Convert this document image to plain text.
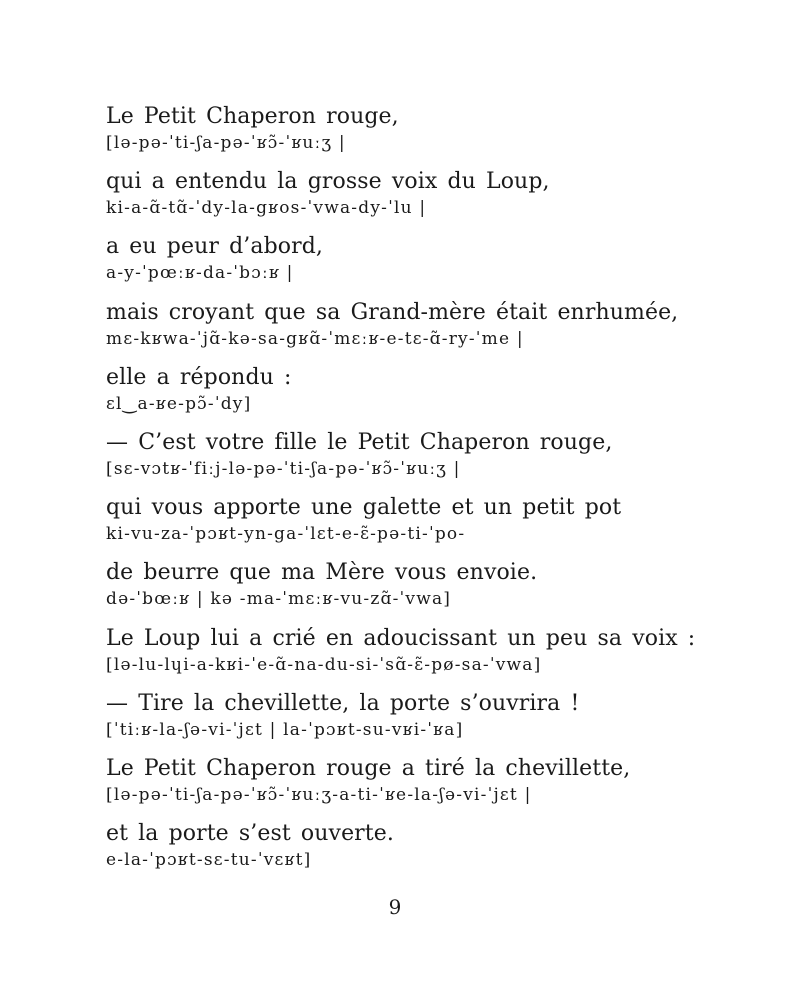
Le Petit Chaperon rouge,
[lə-pə-ˈti-ʃa-pə-ˈʁɔ̃-ˈʁuːʒ |
qui a entendu la grosse voix du Loup,
ki-a-ɑ̃-tɑ̃-ˈdy-la-gʁos-ˈvwa-dy-ˈlu |
a eu peur d’abord,
a-y-ˈpœːʁ-da-ˈbɔːʁ |
mais croyant que sa Grand-mère était enrhumée,
mɛ-kʁwa-ˈjɑ̃-kə-sa-gʁɑ̃-ˈmɛːʁ-e-tɛ-ɑ̃-ry-ˈme |
elle a répondu :
ɛl‿a-ʁe-pɔ̃-ˈdy]
— C’est votre fille le Petit Chaperon rouge,
[sɛ-vɔtʁ-ˈfiːj-lə-pə-ˈti-ʃa-pə-ˈʁɔ̃-ˈʁuːʒ |
qui vous apporte une galette et un petit pot
ki-vu-za-ˈpɔʁt-yn-ga-ˈlɛt-e-ɛ̃-pə-ti-ˈpo-
de beurre que ma Mère vous envoie.
də-ˈbœːʁ | kə -ma-ˈmɛːʁ-vu-zɑ̃-ˈvwa]
Le Loup lui a crié en adoucissant un peu sa voix :
[lə-lu-lɥi-a-kʁi-ˈe-ɑ̃-na-du-si-ˈsɑ̃-ɛ̃-pø-sa-ˈvwa]
— Tire la chevillette, la porte s’ouvrira !
[ˈtiːʁ-la-ʃə-vi-ˈjɛt | la-ˈpɔʁt-su-vʁi-ˈʁa]
Le Petit Chaperon rouge a tiré la chevillette,
[lə-pə-ˈti-ʃa-pə-ˈʁɔ̃-ˈʁuːʒ-a-ti-ˈʁe-la-ʃə-vi-ˈjɛt |
et la porte s’est ouverte.
e-la-ˈpɔʁt-sɛ-tu-ˈvɛʁt]
9
